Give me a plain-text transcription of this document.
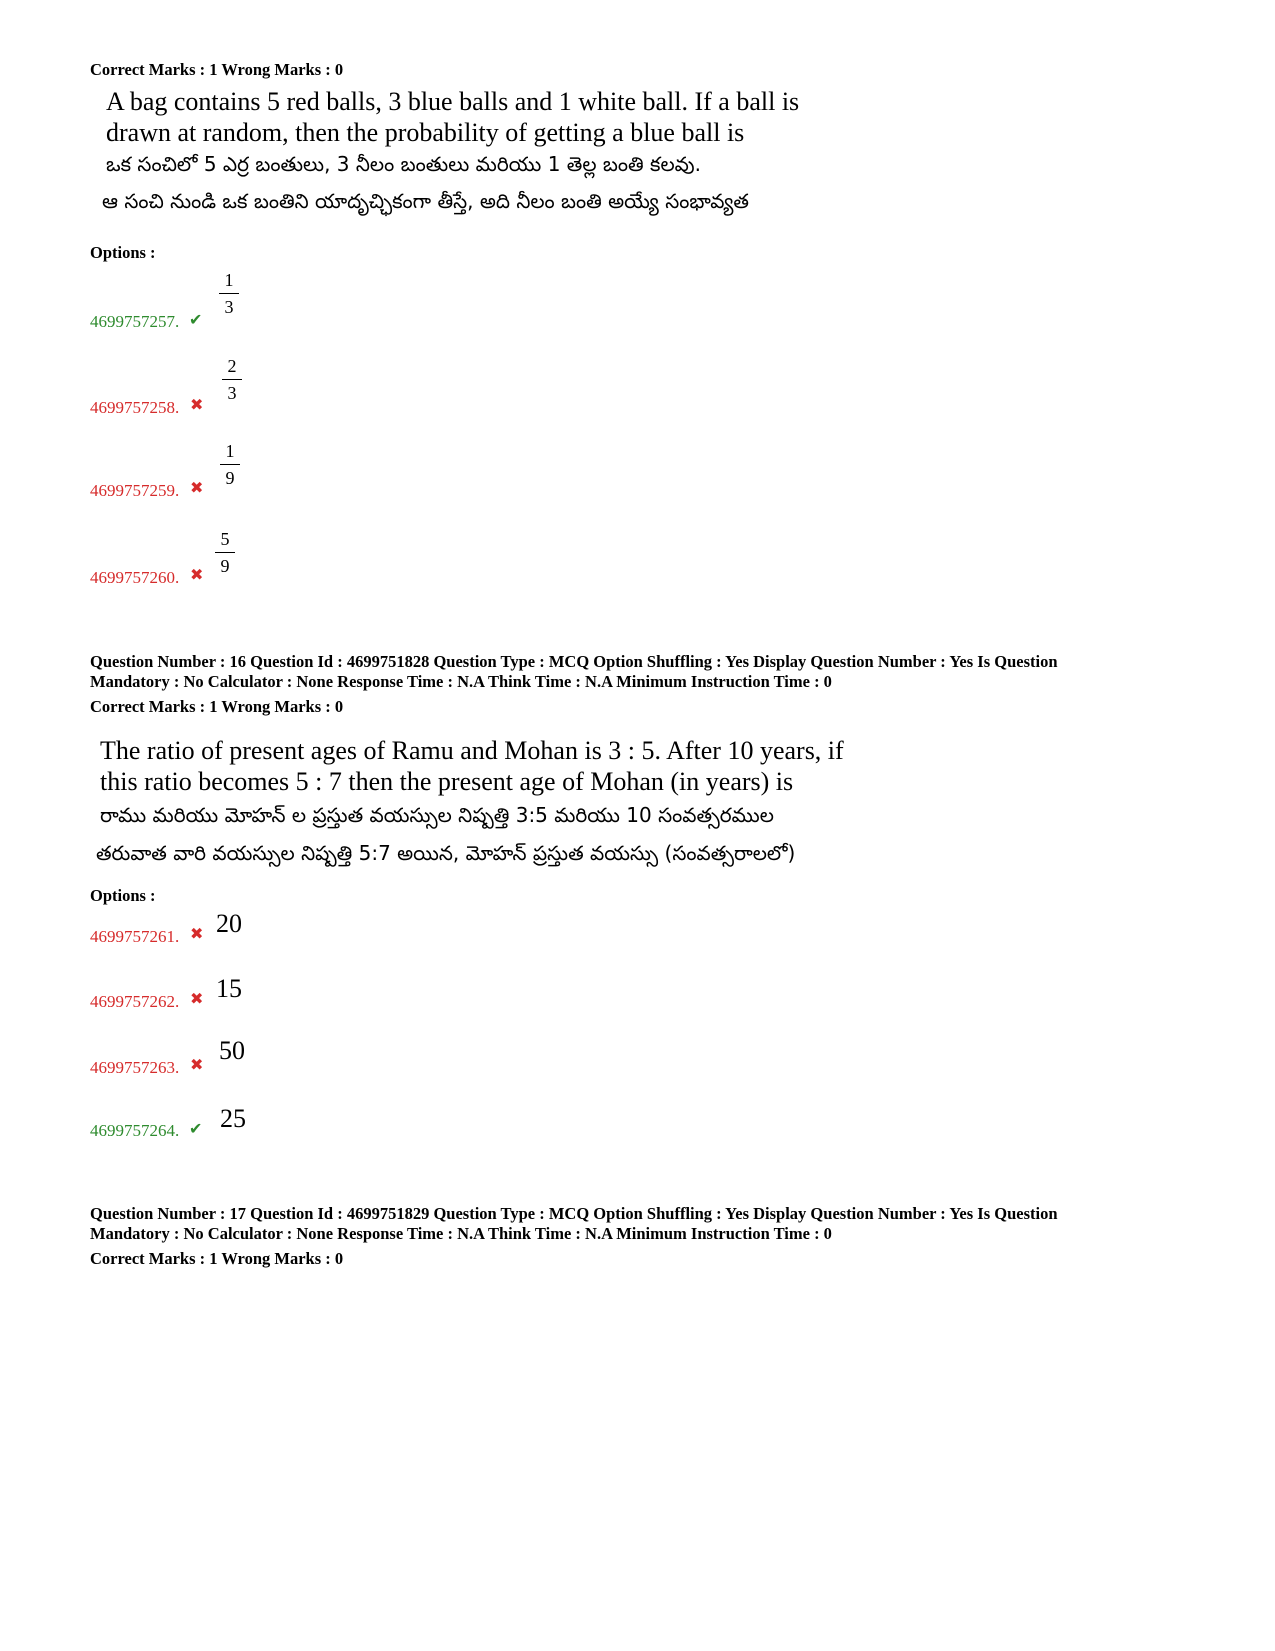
Correct Marks : 1 Wrong Marks : 0
A bag contains 5 red balls, 3 blue balls and 1 white ball. If a ball is
drawn at random, then the probability of getting a blue ball is
ఒక సంచిలో 5 ఎర్ర బంతులు, 3 నీలం బంతులు మరియు 1 తెల్ల బంతి కలవు.
ఆ సంచి నుండి ఒక బంతిని యాదృచ్ఛికంగా తీస్తే, అది నీలం బంతి అయ్యే సంభావ్యత
Options :
4699757257. ✔
1
3
4699757258. ✖
2
3
4699757259. ✖
1
9
4699757260. ✖
5
9
Question Number : 16 Question Id : 4699751828 Question Type : MCQ Option Shuffling : Yes Display Question Number : Yes Is Question
Mandatory : No Calculator : None Response Time : N.A Think Time : N.A Minimum Instruction Time : 0
Correct Marks : 1 Wrong Marks : 0
The ratio of present ages of Ramu and Mohan is 3 : 5. After 10 years, if
this ratio becomes 5 : 7 then the present age of Mohan (in years) is
రాము మరియు మోహన్ ల ప్రస్తుత వయస్సుల నిష్పత్తి 3:5 మరియు 10 సంవత్సరముల
తరువాత వారి వయస్సుల నిష్పత్తి 5:7 అయిన, మోహన్ ప్రస్తుత వయస్సు (సంవత్సరాలలో)
Options :
4699757261. ✖ 20
4699757262. ✖ 15
4699757263. ✖
50
4699757264. ✔ 25
Question Number : 17 Question Id : 4699751829 Question Type : MCQ Option Shuffling : Yes Display Question Number : Yes Is Question
Mandatory : No Calculator : None Response Time : N.A Think Time : N.A Minimum Instruction Time : 0
Correct Marks : 1 Wrong Marks : 0
